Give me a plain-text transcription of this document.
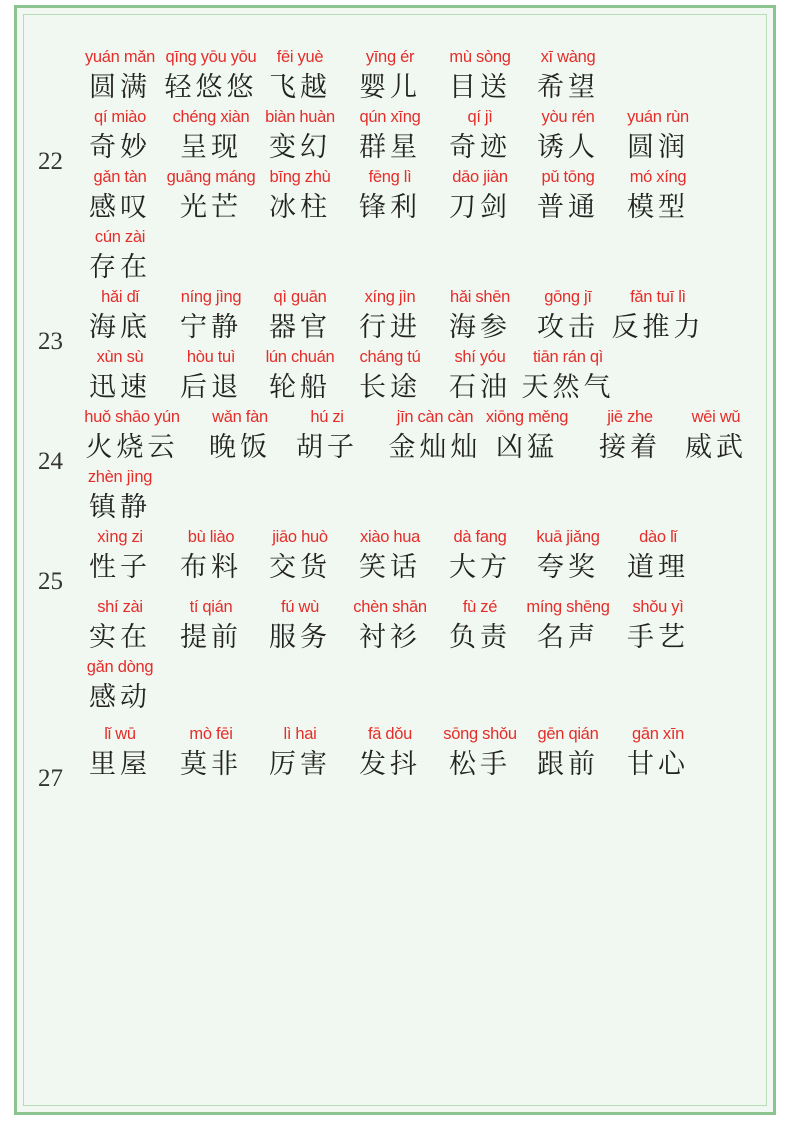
yuán mǎn
圆满
qīng yōu yōu
轻悠悠
fēi yuè
飞越
yīng ér
婴儿
mù sòng
目送
xī wàng
希望
22
qí miào
奇妙
chéng xiàn
呈现
biàn huàn
变幻
qún xīng
群星
qí jì
奇迹
yòu rén
诱人
yuán rùn
圆润
gǎn tàn
感叹
guāng máng
光芒
bīng zhù
冰柱
fēng lì
锋利
dāo jiàn
刀剑
pǔ tōng
普通
mó xíng
模型
cún zài
存在
23
hǎi dǐ
海底
níng jìng
宁静
qì guān
器官
xíng jìn
行进
hǎi shēn
海参
gōng jī
攻击
fǎn tuī lì
反推力
xùn sù
迅速
hòu tuì
后退
lún chuán
轮船
cháng tú
长途
shí yóu
石油
tiān rán qì
天然气
24
huǒ shāo yún
火烧云
wǎn fàn
晚饭
hú zi
胡子
jīn càn càn
金灿灿
xiōng měng
凶猛
jiē zhe
接着
wēi wǔ
威武
zhèn jìng
镇静
25
xìng zi
性子
bù liào
布料
jiāo huò
交货
xiào hua
笑话
dà fang
大方
kuā jiǎng
夸奖
dào lǐ
道理
shí zài
实在
tí qián
提前
fú wù
服务
chèn shān
衬衫
fù zé
负责
míng shēng
名声
shǒu yì
手艺
gǎn dòng
感动
27
lǐ wū
里屋
mò fēi
莫非
lì hai
厉害
fā dǒu
发抖
sōng shǒu
松手
gēn qián
跟前
gān xīn
甘心
